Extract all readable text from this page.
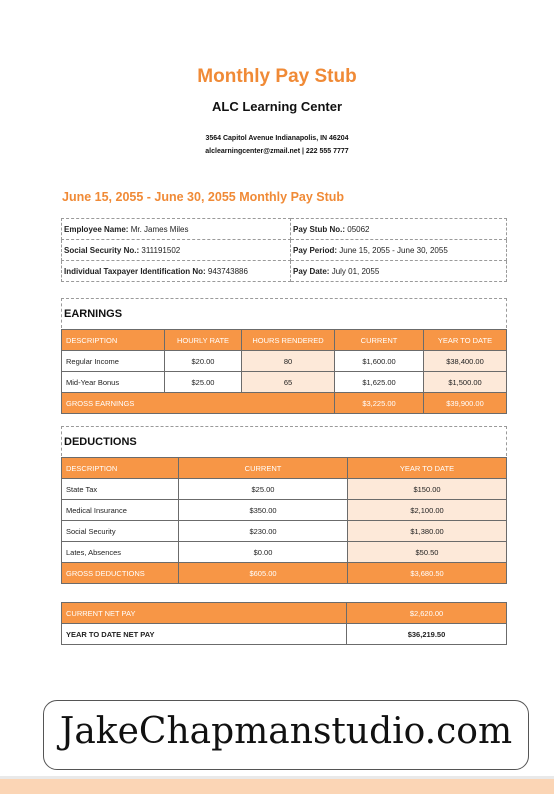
Monthly Pay Stub
ALC Learning Center
3564 Capitol Avenue Indianapolis, IN 46204
alclearningcenter@zmail.net | 222 555 7777
June 15, 2055 - June 30, 2055 Monthly Pay Stub
Employee Name: Mr. James Miles	Pay Stub No.: 05062
Social Security No.: 311191502	Pay Period: June 15, 2055 - June 30, 2055
Individual Taxpayer Identification No: 943743886	Pay Date: July 01, 2055
EARNINGS
DESCRIPTION	HOURLY RATE	HOURS RENDERED	CURRENT	YEAR TO DATE
Regular Income	$20.00	80	$1,600.00	$38,400.00
Mid-Year Bonus	$25.00	65	$1,625.00	$1,500.00
GROSS EARNINGS			$3,225.00	$39,900.00
DEDUCTIONS
DESCRIPTION	CURRENT	YEAR TO DATE
State Tax	$25.00	$150.00
Medical Insurance	$350.00	$2,100.00
Social Security	$230.00	$1,380.00
Lates, Absences	$0.00	$50.50
GROSS DEDUCTIONS	$605.00	$3,680.50
CURRENT NET PAY	$2,620.00
YEAR TO DATE NET PAY	$36,219.50
JakeChapmanstudio.com
